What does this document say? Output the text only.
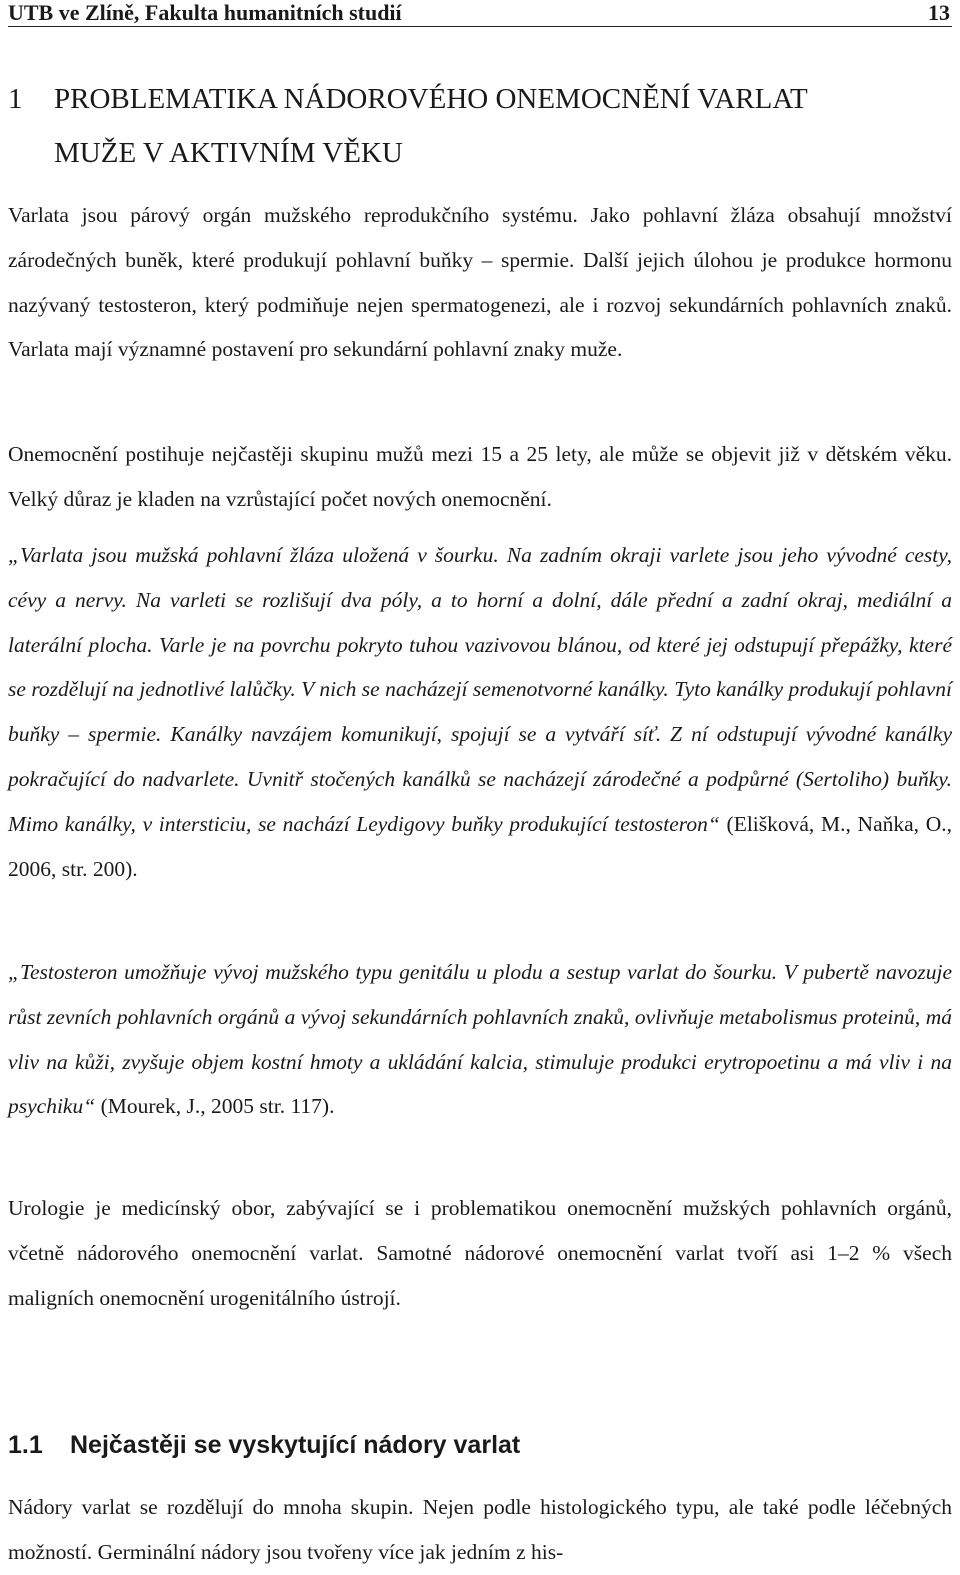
UTB ve Zlíně, Fakulta humanitních studií	13
1 PROBLEMATIKA NÁDOROVÉHO ONEMOCNĚNÍ VARLAT
MUŽE V AKTIVNÍM VĚKU
Varlata jsou párový orgán mužského reprodukčního systému. Jako pohlavní žláza obsahují množství zárodečných buněk, které produkují pohlavní buňky – spermie. Další jejich úlohou je produkce hormonu nazývaný testosteron, který podmiňuje nejen spermatogenezi, ale i rozvoj sekundárních pohlavních znaků. Varlata mají významné postavení pro sekundární pohlavní znaky muže.
Onemocnění postihuje nejčastěji skupinu mužů mezi 15 a 25 lety, ale může se objevit již v dětském věku. Velký důraz je kladen na vzrůstající počet nových onemocnění.
„Varlata jsou mužská pohlavní žláza uložená v šourku. Na zadním okraji varlete jsou jeho vývodné cesty, cévy a nervy. Na varleti se rozlišují dva póly, a to horní a dolní, dále přední a zadní okraj, mediální a laterální plocha. Varle je na povrchu pokryto tuhou vazivovou blánou, od které jej odstupují přepážky, které se rozdělují na jednotlivé lalůčky. V nich se nacházejí semenotvorné kanálky. Tyto kanálky produkují pohlavní buňky – spermie. Kanálky navzájem komunikují, spojují se a vytváří síť. Z ní odstupují vývodné kanálky pokračující do nadvarlete. Uvnitř stočených kanálků se nacházejí zárodečné a podpůrné (Sertoliho) buňky. Mimo kanálky, v intersticiu, se nachází Leydigovy buňky produkující testosteron“ (Elišková, M., Naňka, O., 2006, str. 200).
„Testosteron umožňuje vývoj mužského typu genitálu u plodu a sestup varlat do šourku. V pubertě navozuje růst zevních pohlavních orgánů a vývoj sekundárních pohlavních znaků, ovlivňuje metabolismus proteinů, má vliv na kůži, zvyšuje objem kostní hmoty a ukládání kalcia, stimuluje produkci erytropoetinu a má vliv i na psychiku“ (Mourek, J., 2005 str. 117).
Urologie je medicínský obor, zabývající se i problematikou onemocnění mužských pohlavních orgánů, včetně nádorového onemocnění varlat. Samotné nádorové onemocnění varlat tvoří asi 1–2 % všech maligních onemocnění urogenitálního ústrojí.
1.1 Nejčastěji se vyskytující nádory varlat
Nádory varlat se rozdělují do mnoha skupin. Nejen podle histologického typu, ale také podle léčebných možností. Germinální nádory jsou tvořeny více jak jedním z his-
